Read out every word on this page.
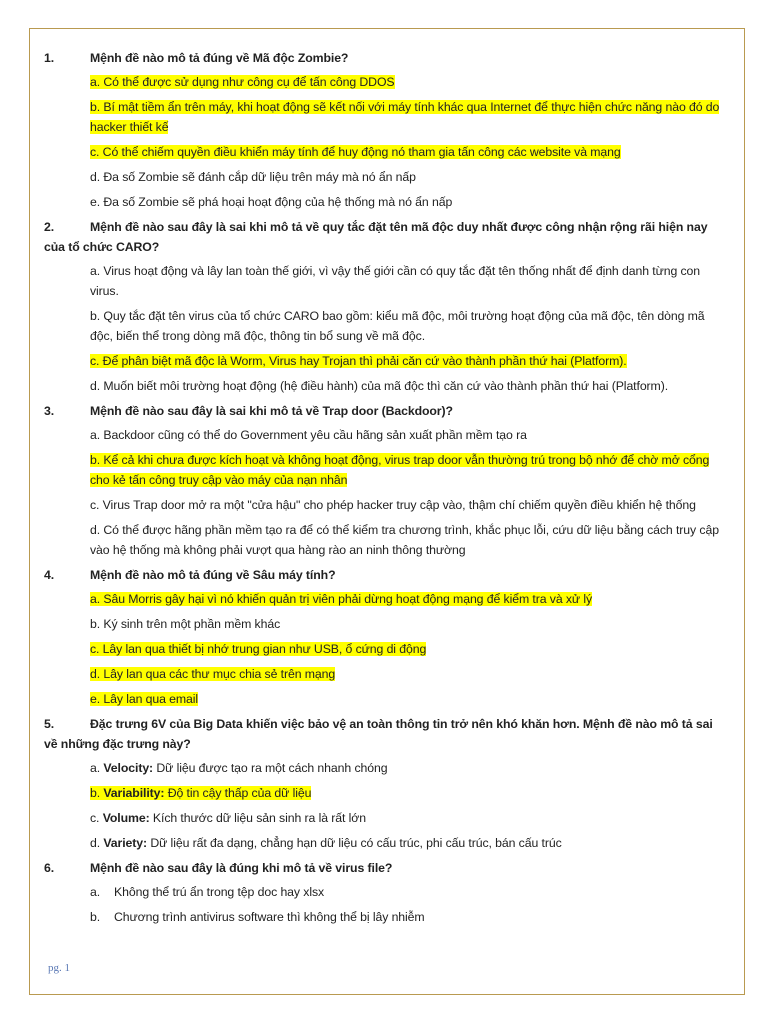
1.	Mệnh đề nào mô tả đúng về Mã độc Zombie?
a. Có thể được sử dụng như công cụ để tấn công DDOS
b. Bí mật tiềm ẩn trên máy, khi hoạt động sẽ kết nối với máy tính khác qua Internet để thực hiện chức năng nào đó do hacker thiết kế
c. Có thể chiếm quyền điều khiển máy tính để huy động nó tham gia tấn công các website và mạng
d. Đa số Zombie sẽ đánh cắp dữ liệu trên máy mà nó ẩn nấp
e. Đa số Zombie sẽ phá hoại hoạt động của hệ thống mà nó ẩn nấp
2.	Mệnh đề nào sau đây là sai khi mô tả về quy tắc đặt tên mã độc duy nhất được công nhận rộng rãi hiện nay của tổ chức CARO?
a. Virus hoạt động và lây lan toàn thế giới, vì vậy thế giới cần có quy tắc đặt tên thống nhất để định danh từng con virus.
b. Quy tắc đặt tên virus của tổ chức CARO bao gồm: kiểu mã độc, môi trường hoạt động của mã độc, tên dòng mã độc, biến thể trong dòng mã độc, thông tin bổ sung về mã độc.
c. Để phân biệt mã độc là Worm, Virus hay Trojan thì phải căn cứ vào thành phần thứ hai (Platform).
d. Muốn biết môi trường hoạt động (hệ điều hành) của mã độc thì căn cứ vào thành phần thứ hai (Platform).
3.	Mệnh đề nào sau đây là sai khi mô tả về Trap door (Backdoor)?
a. Backdoor cũng có thể do Government yêu cầu hãng sản xuất phần mềm tạo ra
b. Kể cả khi chưa được kích hoạt và không hoạt động, virus trap door vẫn thường trú trong bộ nhớ để chờ mở cổng cho kẻ tấn công truy cập vào máy của nạn nhân
c. Virus Trap door mở ra một "cửa hậu" cho phép hacker truy cập vào, thậm chí chiếm quyền điều khiển hệ thống
d. Có thể được hãng phần mềm tạo ra để có thể kiểm tra chương trình, khắc phục lỗi, cứu dữ liệu bằng cách truy cập vào hệ thống mà không phải vượt qua hàng rào an ninh thông thường
4.	Mệnh đề nào mô tả đúng về Sâu máy tính?
a. Sâu Morris gây hại vì nó khiến quản trị viên phải dừng hoạt động mạng để kiểm tra và xử lý
b. Ký sinh trên một phần mềm khác
c. Lây lan qua thiết bị nhớ trung gian như USB, ổ cứng di động
d. Lây lan qua các thư mục chia sẻ trên mạng
e. Lây lan qua email
5.	Đặc trưng 6V của Big Data khiến việc bảo vệ an toàn thông tin trở nên khó khăn hơn. Mệnh đề nào mô tả sai về những đặc trưng này?
a. Velocity: Dữ liệu được tạo ra một cách nhanh chóng
b. Variability: Độ tin cậy thấp của dữ liệu
c. Volume: Kích thước dữ liệu sản sinh ra là rất lớn
d. Variety: Dữ liệu rất đa dạng, chẳng hạn dữ liệu có cấu trúc, phi cấu trúc, bán cấu trúc
6.	Mệnh đề nào sau đây là đúng khi mô tả về virus file?
a. Không thể trú ẩn trong tệp doc hay xlsx
b. Chương trình antivirus software thì không thể bị lây nhiễm
pg. 1
